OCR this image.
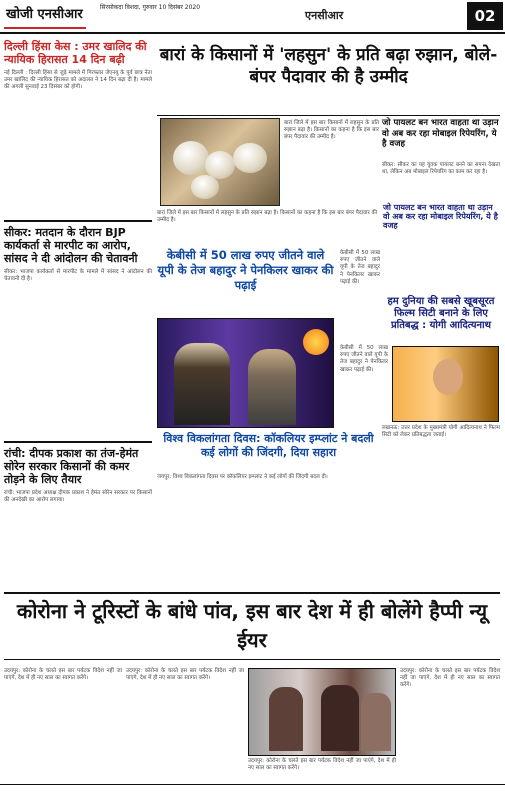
खोजी एनसीआर	सिरसोकदा विशदा, गुरुवार 10 दिसंबर 2020
एनसीआर	02
दिल्ली हिंसा केस : उमर खालिद की न्यायिक हिरासत 14 दिन बढ़ी
नई दिल्ली : दिल्ली हिंसा से जुड़े मामले में गिरफ्तार जेएनयू के पूर्व छात्र नेता उमर खालिद की न्यायिक हिरासत को अदालत ने 14 दिन बढ़ा दी है। मामले की अगली सुनवाई 23 दिसंबर को होगी।
सीकर: मतदान के दौरान BJP कार्यकर्ता से मारपीट का आरोप, सांसद ने दी आंदोलन की चेतावनी
सीकर: भाजपा कार्यकर्ता से मारपीट के मामले में सांसद ने आंदोलन की चेतावनी दी है।
रांची: दीपक प्रकाश का तंज-हेमंत सोरेन सरकार किसानों की कमर तोड़ने के लिए तैयार
रांची: भाजपा प्रदेश अध्यक्ष दीपक प्रकाश ने हेमंत सोरेन सरकार पर किसानों की अनदेखी का आरोप लगाया।
बारां के किसानों में 'लहसुन' के प्रति बढ़ा रुझान, बोले- बंपर पैदावार की है उम्मीद
बारां जिले में इस बार किसानों में लहसुन के प्रति रुझान बढ़ा है। किसानों का कहना है कि इस बार बंपर पैदावार की उम्मीद है।
बारां जिले में इस बार किसानों में लहसुन के प्रति रुझान बढ़ा है। किसानों का कहना है कि इस बार बंपर पैदावार की उम्मीद है।
जो पायलट बन भारत वाहता था उड़ान वो अब कर रहा मोबाइल रिपेयरिंग, ये है वजह
सीकर: सीकर का यह युवक पायलट बनने का सपना देखता था, लेकिन अब मोबाइल रिपेयरिंग का काम कर रहा है।
जो पायलट बन भारत वाहता था उड़ान वो अब कर रहा मोबाइल रिपेयरिंग, ये है वजह
केबीसी में 50 लाख रुपए जीतने वाले यूपी के तेज बहादुर ने पेनकिलर खाकर की पढ़ाई
केबीसी में 50 लाख रुपए जीतने वाले यूपी के तेज बहादुर ने पेनकिलर खाकर पढ़ाई की।
हम दुनिया की सबसे खूबसूरत फिल्म सिटी बनाने के लिए प्रतिबद्ध : योगी आदित्यनाथ
लखनऊ: उत्तर प्रदेश के मुख्यमंत्री योगी आदित्यनाथ ने फिल्म सिटी को लेकर प्रतिबद्धता जताई।
केबीसी में 50 लाख रुपए जीतने वाले यूपी के तेज बहादुर ने पेनकिलर खाकर पढ़ाई की।
विश्व विकलांगता दिवस: कॉकलियर इम्प्लांट ने बदली कई लोगों की जिंदगी, दिया सहारा
जयपुर: विश्व विकलांगता दिवस पर कॉकलियर इम्प्लांट ने कई लोगों की जिंदगी बदल दी।
कोरोना ने टूरिस्टों के बांधे पांव, इस बार देश में ही बोलेंगे हैप्पी न्यू ईयर
उदयपुर: कोरोना के चलते इस बार पर्यटक विदेश नहीं जा पाएंगे, देश में ही नए साल का स्वागत करेंगे।
उदयपुर: कोरोना के चलते इस बार पर्यटक विदेश नहीं जा पाएंगे, देश में ही नए साल का स्वागत करेंगे।
उदयपुर: कोरोना के चलते इस बार पर्यटक विदेश नहीं जा पाएंगे, देश में ही नए साल का स्वागत करेंगे।
उदयपुर: कोरोना के चलते इस बार पर्यटक विदेश नहीं जा पाएंगे, देश में ही नए साल का स्वागत करेंगे।
